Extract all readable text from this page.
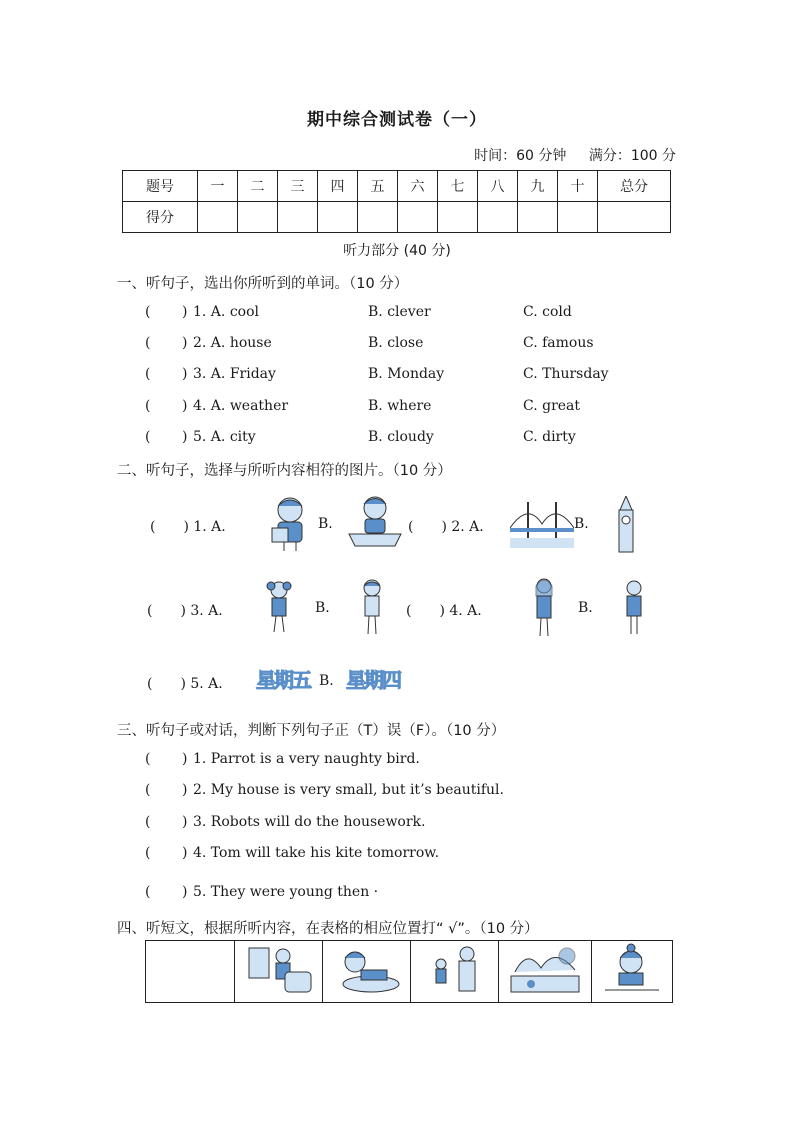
期中综合测试卷（一）
时间：60 分钟 满分：100 分
题号	一	二	三	四	五	六	七	八	九	十	总分
得分											
听力部分 (40 分)
一、听句子，选出你所听到的单词。（10 分）
( ) 1. A. cool	B. clever	C. cold
( ) 2. A. house	B. close	C. famous
( ) 3. A. Friday	B. Monday	C. Thursday
( ) 4. A. weather	B. where	C. great
( ) 5. A. city	B. cloudy	C. dirty
二、听句子，选择与所听内容相符的图片。（10 分）
(　　) 1. A.	B.	(　　) 2. A.	B.
(　　) 3. A.	B.	(　　) 4. A.	B.
(　　) 5. A. 星期五 B. 星期四
三、听句子或对话，判断下列句子正（T）误（F）。（10 分）
( ) 1. Parrot is a very naughty bird.
( ) 2. My house is very small, but it’s beautiful.
( ) 3. Robots will do the housework.
( ) 4. Tom will take his kite tomorrow.
( ) 5. They were young then ·
四、听短文，根据所听内容，在表格的相应位置打“ √”。（10 分）
